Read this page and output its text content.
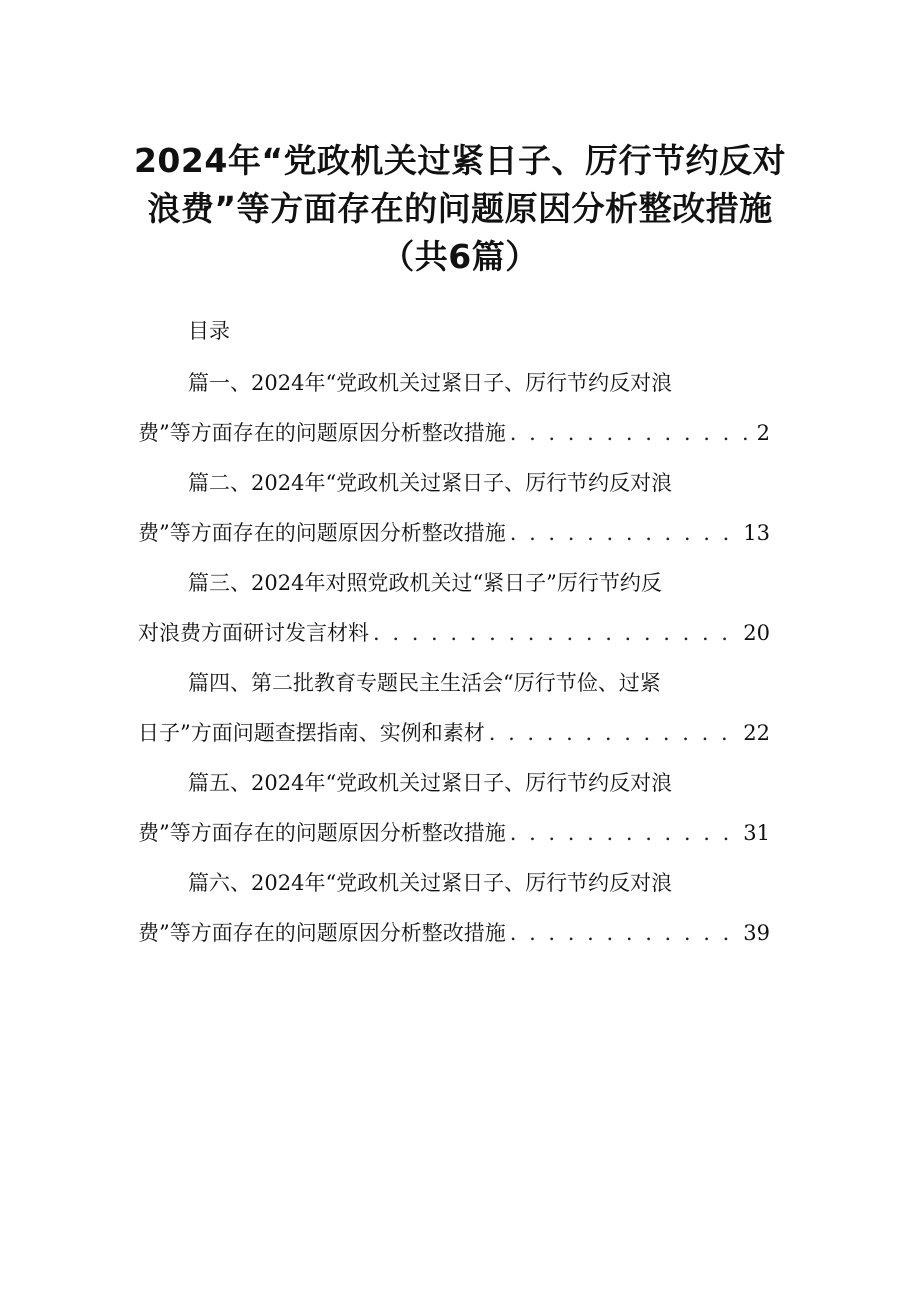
2024年“党政机关过紧日子、厉行节约反对
浪费”等方面存在的问题原因分析整改措施
（共6篇）
目录
篇一、2024年“党政机关过紧日子、厉行节约反对浪
费”等方面存在的问题原因分析整改措施 . . .	2
篇二、2024年“党政机关过紧日子、厉行节约反对浪
费”等方面存在的问题原因分析整改措施 . . .	13
篇三、2024年对照党政机关过“紧日子”厉行节约反
对浪费方面研讨发言材料 . . .	20
篇四、第二批教育专题民主生活会“厉行节俭、过紧
日子”方面问题查摆指南、实例和素材 . . .	22
篇五、2024年“党政机关过紧日子、厉行节约反对浪
费”等方面存在的问题原因分析整改措施 . . .	31
篇六、2024年“党政机关过紧日子、厉行节约反对浪
费”等方面存在的问题原因分析整改措施 . . .	39
